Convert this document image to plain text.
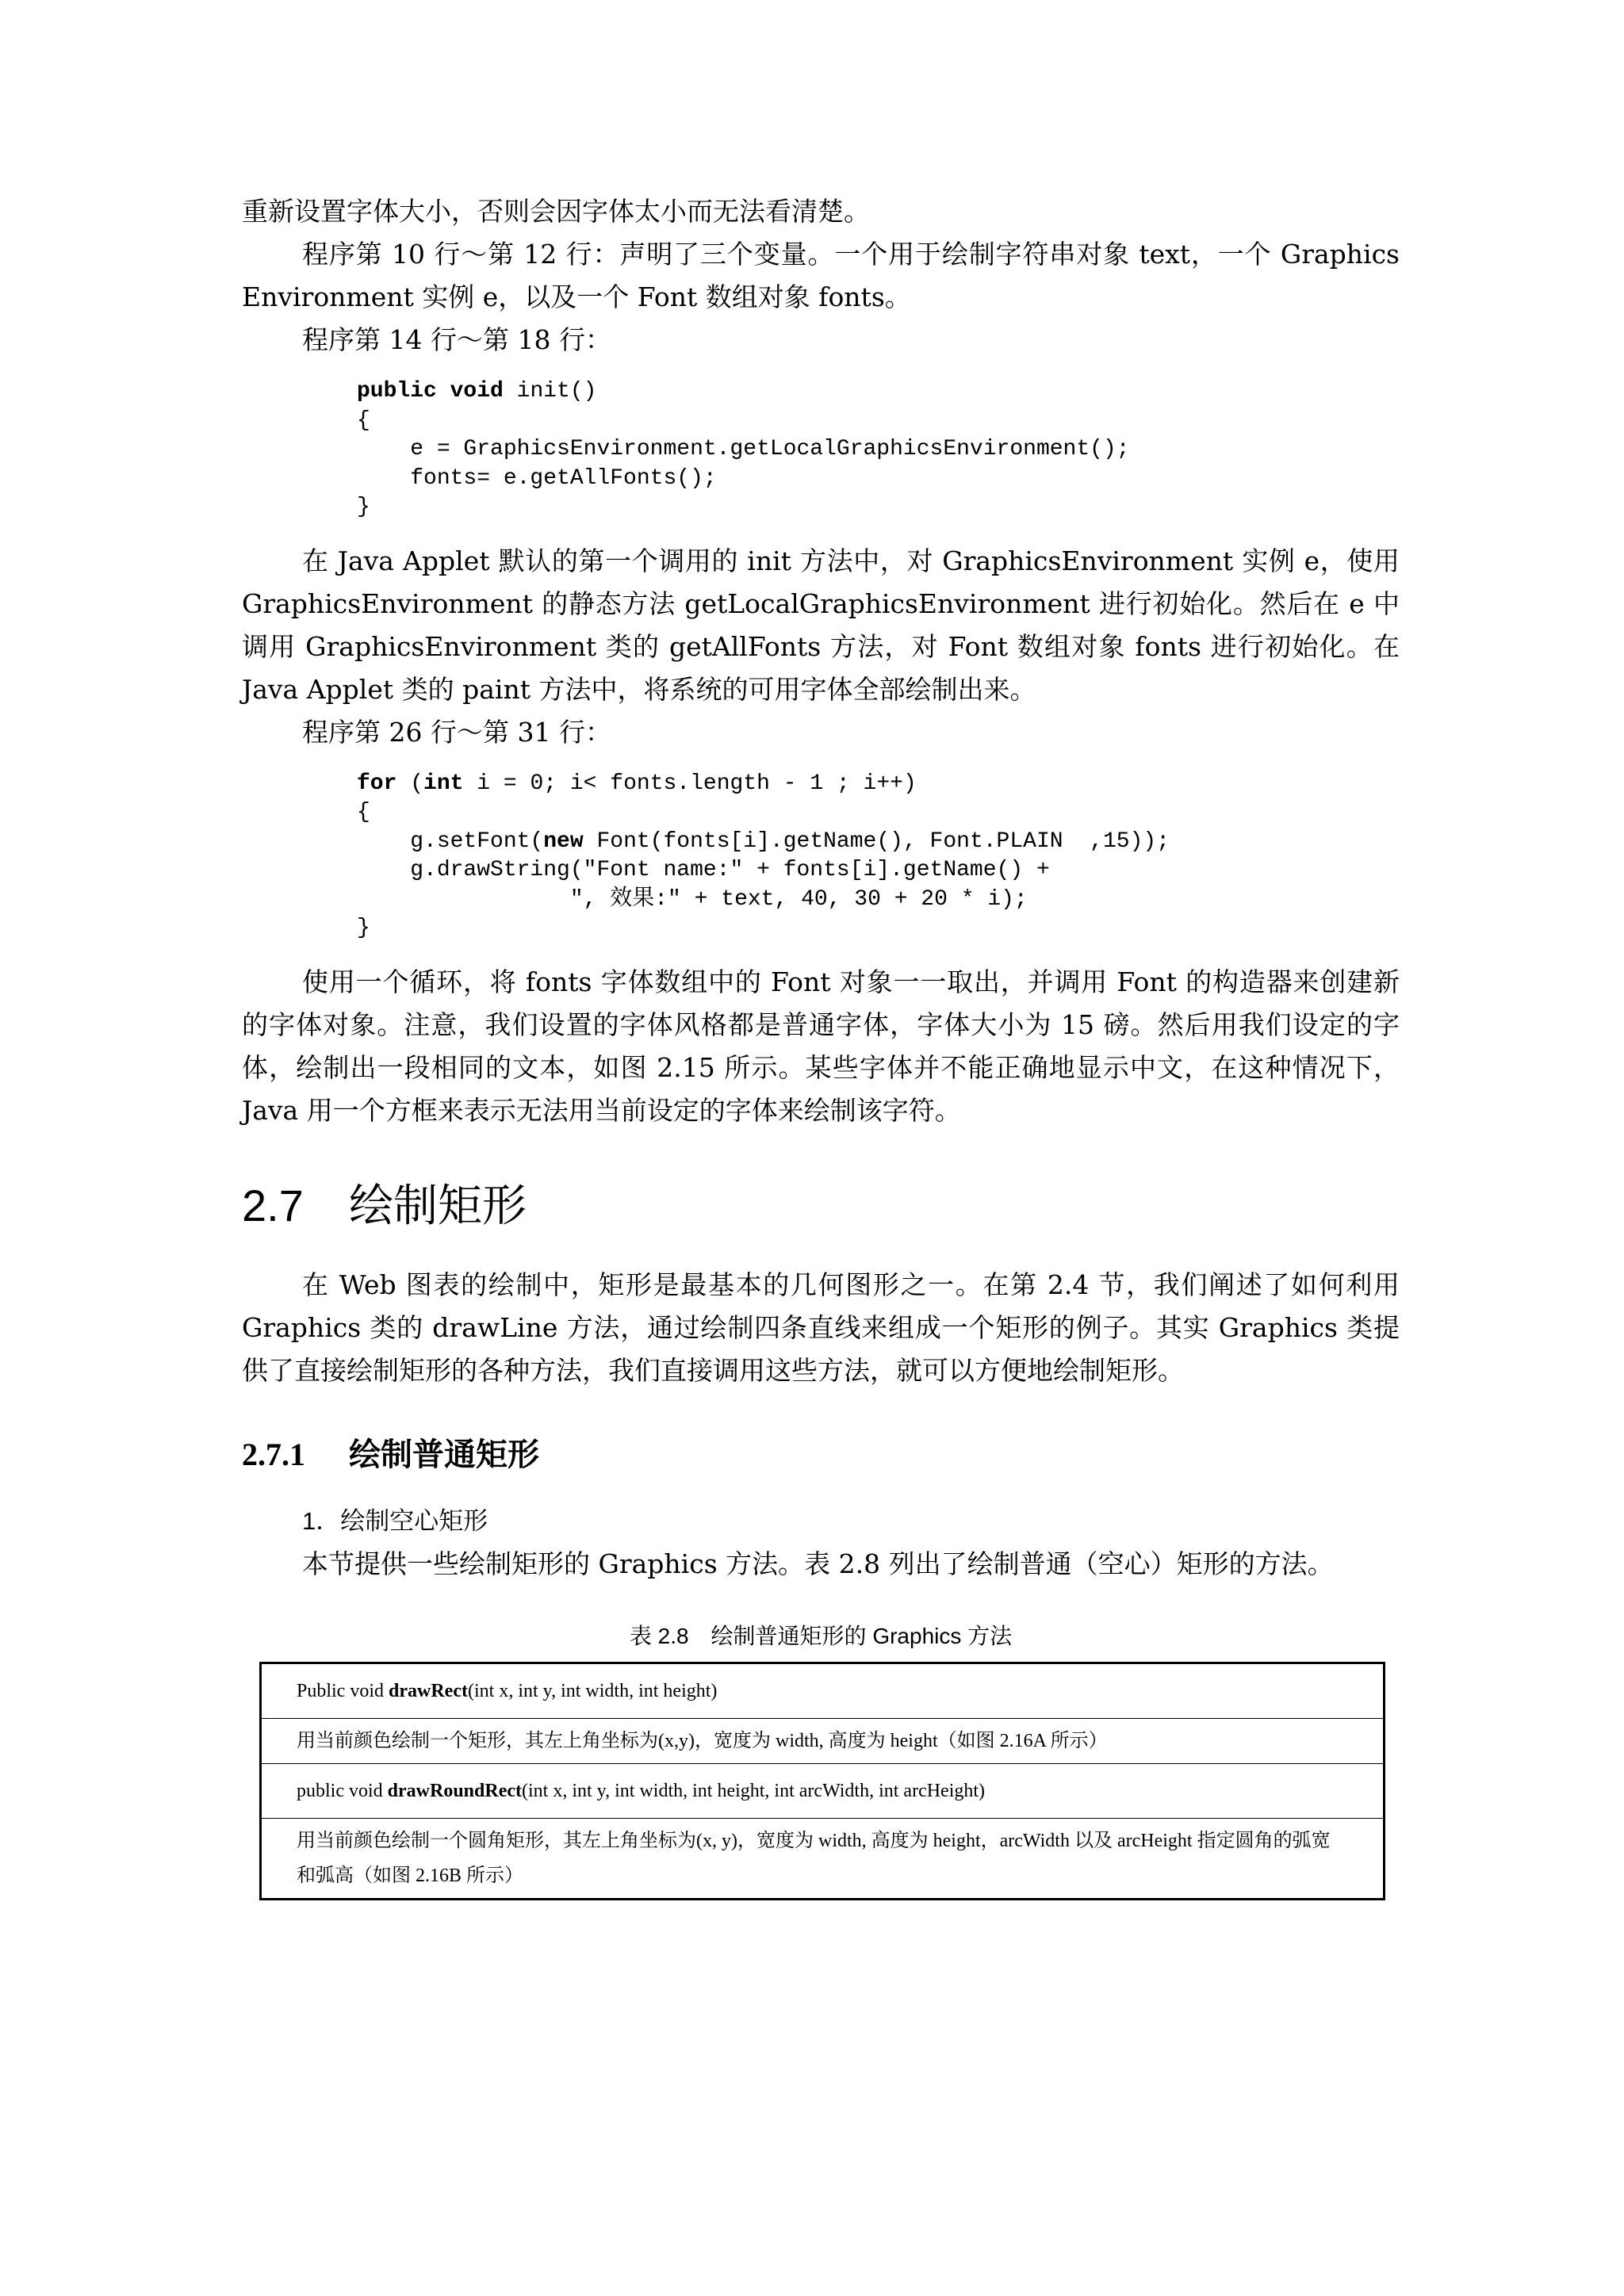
重新设置字体大小，否则会因字体太小而无法看清楚。

程序第 10 行～第 12 行：声明了三个变量。一个用于绘制字符串对象 text，一个 Graphics Environment 实例 e，以及一个 Font 数组对象 fonts。

程序第 14 行～第 18 行：

public void init()
{
e = GraphicsEnvironment.getLocalGraphicsEnvironment();
fonts= e.getAllFonts();
}

在 Java Applet 默认的第一个调用的 init 方法中，对 GraphicsEnvironment 实例 e，使用 GraphicsEnvironment 的静态方法 getLocalGraphicsEnvironment 进行初始化。然后在 e 中调用 GraphicsEnvironment 类的 getAllFonts 方法，对 Font 数组对象 fonts 进行初始化。在 Java Applet 类的 paint 方法中，将系统的可用字体全部绘制出来。

程序第 26 行～第 31 行：

for (int i = 0; i< fonts.length - 1 ; i++)
{
g.setFont(new Font(fonts[i].getName(), Font.PLAIN  ,15));
g.drawString("Font name:" + fonts[i].getName() +
", 效果:" + text, 40, 30 + 20 * i);
}

使用一个循环，将 fonts 字体数组中的 Font 对象一一取出，并调用 Font 的构造器来创建新的字体对象。注意，我们设置的字体风格都是普通字体，字体大小为 15 磅。然后用我们设定的字体，绘制出一段相同的文本，如图 2.15 所示。某些字体并不能正确地显示中文，在这种情况下，Java 用一个方框来表示无法用当前设定的字体来绘制该字符。

2.7 绘制矩形

在 Web 图表的绘制中，矩形是最基本的几何图形之一。在第 2.4 节，我们阐述了如何利用 Graphics 类的 drawLine 方法，通过绘制四条直线来组成一个矩形的例子。其实 Graphics 类提供了直接绘制矩形的各种方法，我们直接调用这些方法，就可以方便地绘制矩形。

2.7.1 绘制普通矩形
1．绘制空心矩形

本节提供一些绘制矩形的 Graphics 方法。表 2.8 列出了绘制普通（空心）矩形的方法。

表 2.8　绘制普通矩形的 Graphics 方法
Public void drawRect(int x, int y, int width, int height)
用当前颜色绘制一个矩形，其左上角坐标为(x,y)，宽度为 width, 高度为 height（如图 2.16A 所示）
public void drawRoundRect(int x, int y, int width, int height, int arcWidth, int arcHeight)
用当前颜色绘制一个圆角矩形，其左上角坐标为(x, y)，宽度为 width, 高度为 height，arcWidth 以及 arcHeight 指定圆角的弧宽和弧高（如图 2.16B 所示）
